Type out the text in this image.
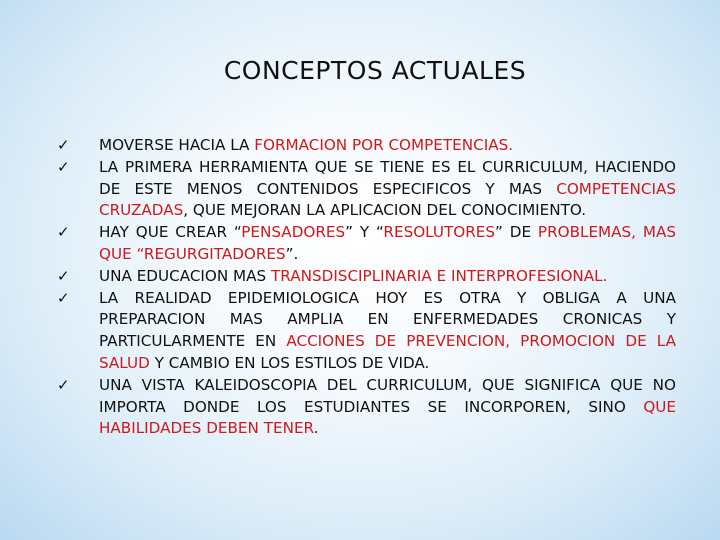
CONCEPTOS ACTUALES
✓ MOVERSE HACIA LA FORMACION POR COMPETENCIAS.
✓ LA PRIMERA HERRAMIENTA QUE SE TIENE ES EL CURRICULUM, HACIENDO DE ESTE MENOS CONTENIDOS ESPECIFICOS Y MAS COMPETENCIAS CRUZADAS, QUE MEJORAN LA APLICACION DEL CONOCIMIENTO.
✓ HAY QUE CREAR “PENSADORES” Y “RESOLUTORES” DE PROBLEMAS, MAS QUE “REGURGITADORES”.
✓ UNA EDUCACION MAS TRANSDISCIPLINARIA E INTERPROFESIONAL.
✓ LA REALIDAD EPIDEMIOLOGICA HOY ES OTRA Y OBLIGA A UNA PREPARACION MAS AMPLIA EN ENFERMEDADES CRONICAS Y PARTICULARMENTE EN ACCIONES DE PREVENCION, PROMOCION DE LA SALUD Y CAMBIO EN LOS ESTILOS DE VIDA.
✓ UNA VISTA KALEIDOSCOPIA DEL CURRICULUM, QUE SIGNIFICA QUE NO IMPORTA DONDE LOS ESTUDIANTES SE INCORPOREN, SINO QUE HABILIDADES DEBEN TENER.
